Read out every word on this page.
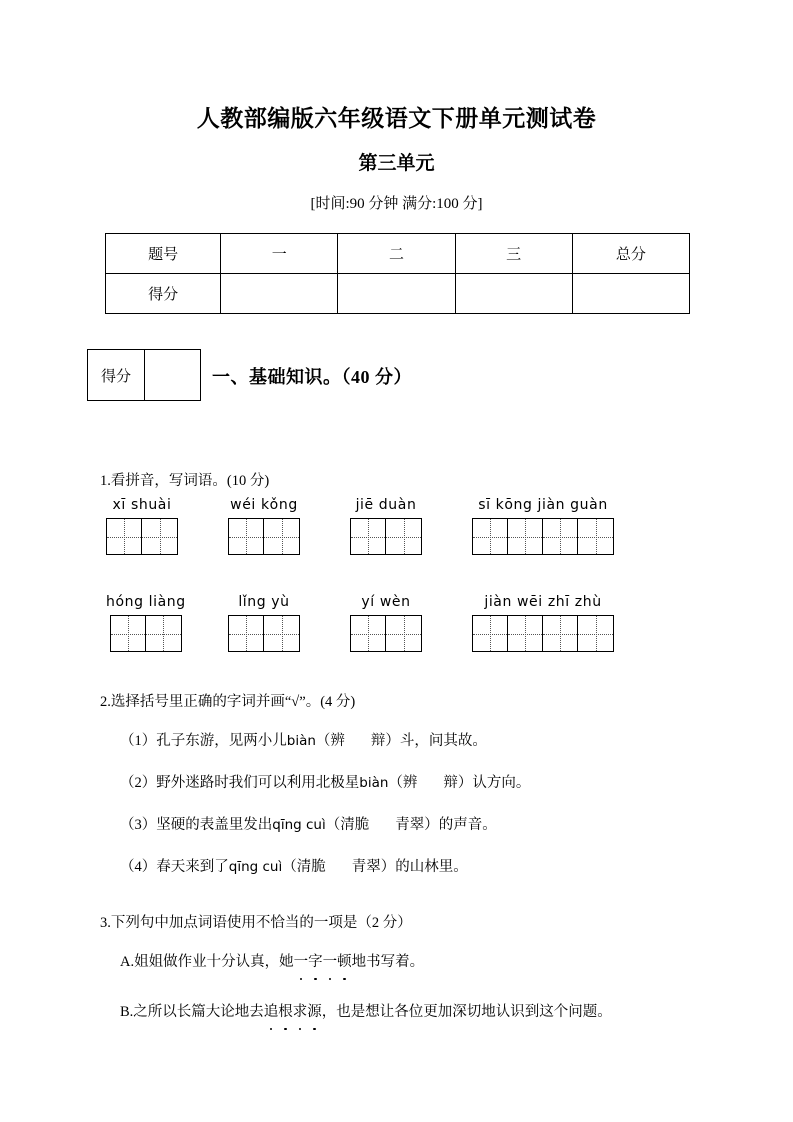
人教部编版六年级语文下册单元测试卷
第三单元
[时间:90 分钟 满分:100 分]
题号	一	二	三	总分
得分				
得分	一、基础知识。（40 分）
1.看拼音，写词语。(10 分)
xī shuài	wéi kǒng	jiē duàn	sī kōng jiàn guàn
hóng liàng	lǐng yù	yí wèn	jiàn wēi zhī zhù
2.选择括号里正确的字词并画“√”。(4 分)
（1）孔子东游，见两小儿biàn（辨 辩）斗，问其故。
（2）野外迷路时我们可以利用北极星biàn（辨 辩）认方向。
（3）坚硬的表盖里发出qīng cuì（清脆 青翠）的声音。
（4）春天来到了qīng cuì（清脆 青翠）的山林里。
3.下列句中加点词语使用不恰当的一项是（2 分）
A.姐姐做作业十分认真，她一字一顿
地书写着。
B.之所以长篇大论地去追根求源
，也是想让各位更加深切地认识到这个问题。
